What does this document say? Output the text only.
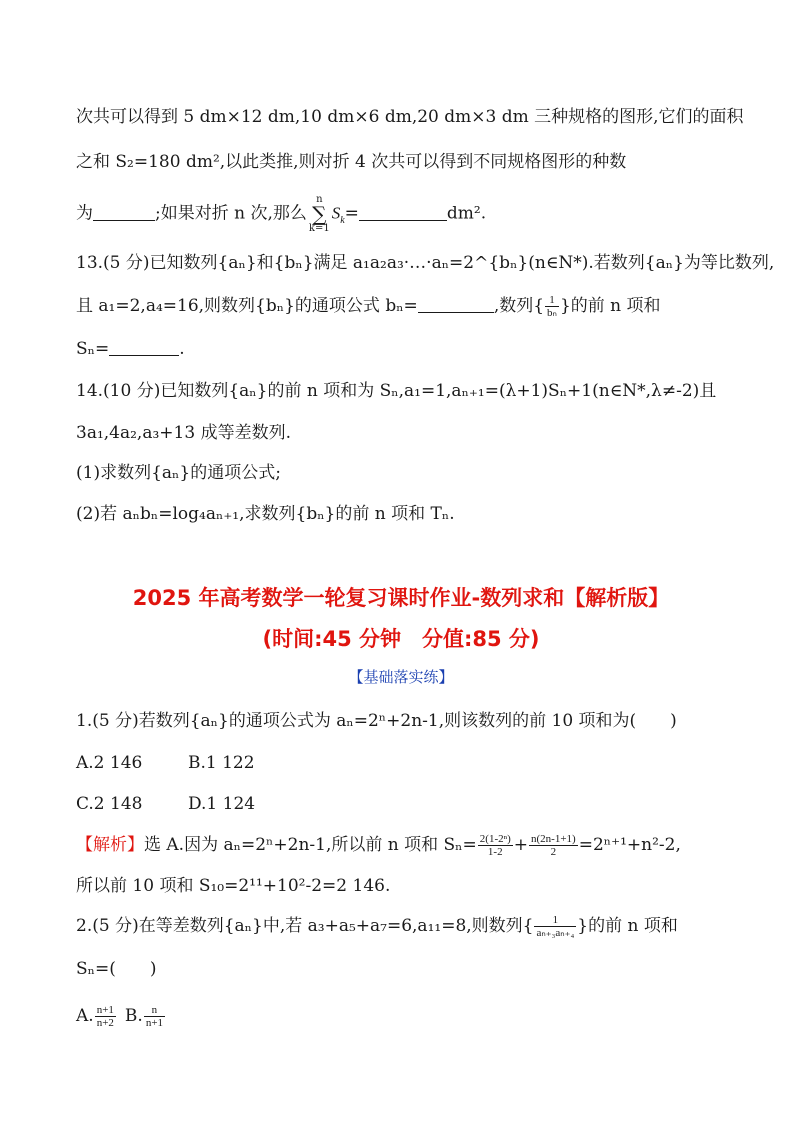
次共可以得到 5 dm×12 dm,10 dm×6 dm,20 dm×3 dm 三种规格的图形,它们的面积
之和 S₂=180 dm²,以此类推,则对折 4 次共可以得到不同规格图形的种数
为	;如果对折 n 次,那么n
∑
$k=1S_k=$	dm².
13.(5 分)已知数列{aₙ}和{bₙ}满足 a₁a₂a₃·…·aₙ=2^{bₙ}(n∈N*).若数列{aₙ}为等比数列,
且 a₁=2,a₄=16,则数列{bₙ}的通项公式 bₙ=	,数列{ $\frac{1}{\text{bₙ}}$ }的前 n 项和
Sₙ=	.
14.(10 分)已知数列{aₙ}的前 n 项和为 Sₙ,a₁=1,aₙ₊₁=(λ+1)Sₙ+1(n∈N*,λ≠-2)且
3a₁,4a₂,a₃+13 成等差数列.
(1)求数列{aₙ}的通项公式;
(2)若 aₙbₙ=log₄aₙ₊₁,求数列{bₙ}的前 n 项和 Tₙ.
2025 年高考数学一轮复习课时作业-数列求和【解析版】
(时间:45 分钟　分值:85 分)
【基础落实练】
1.(5 分)若数列{aₙ}的通项公式为 aₙ=2ⁿ+2n-1,则该数列的前 10 项和为(　　)
A.2 146	B.1 122
C.2 148	D.1 124
【解析】选 A.因为 aₙ=2ⁿ+2n-1,所以前 n 项和 $S_n= \frac{\text{2(1-2ⁿ)}}{1-2} + \frac{n(2n-1+1)}{2} =2^{n+1}+n^2-2$,
所以前 10 项和 S₁₀=2¹¹+10²-2=2 146.
2.(5 分)在等差数列{aₙ}中,若 a₃+a₅+a₇=6,a₁₁=8,则数列{ $\frac{1}{\text{aₙ₊₃aₙ₊₄}}$ }的前 n 项和
Sₙ=(　　)
A. $\frac{n+1}{n+2} B$. $\frac{n}{n+1}$
